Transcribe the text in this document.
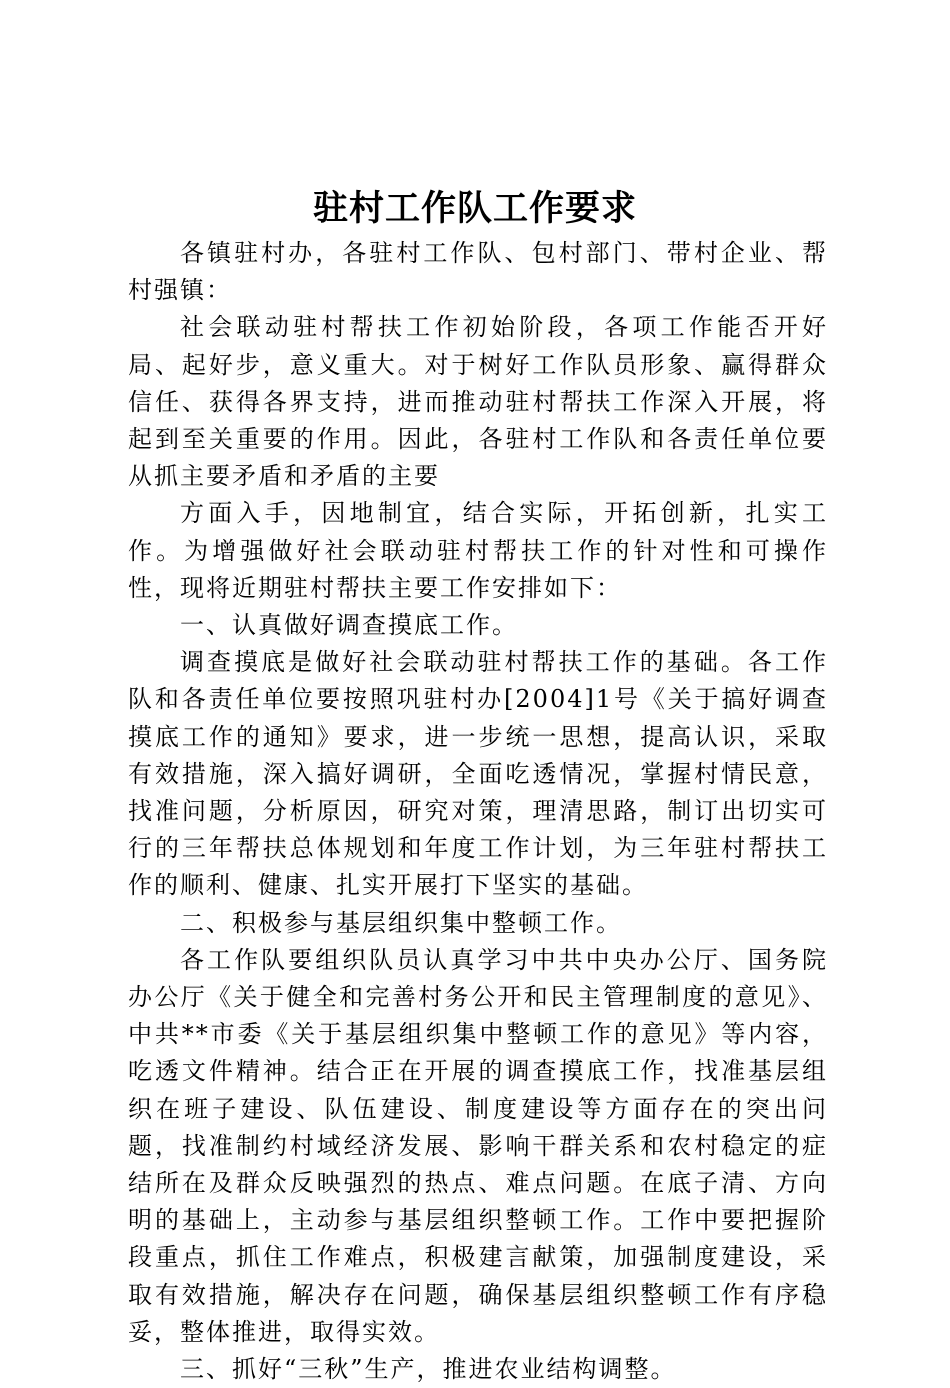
驻村工作队工作要求

各镇驻村办，各驻村工作队、包村部门、带村企业、帮村强镇：

社会联动驻村帮扶工作初始阶段，各项工作能否开好局、起好步，意义重大。对于树好工作队员形象、赢得群众信任、获得各界支持，进而推动驻村帮扶工作深入开展，将起到至关重要的作用。因此，各驻村工作队和各责任单位要从抓主要矛盾和矛盾的主要

方面入手，因地制宜，结合实际，开拓创新，扎实工作。为增强做好社会联动驻村帮扶工作的针对性和可操作性，现将近期驻村帮扶主要工作安排如下：

一、认真做好调查摸底工作。

调查摸底是做好社会联动驻村帮扶工作的基础。各工作队和各责任单位要按照巩驻村办[2004]1号《关于搞好调查摸底工作的通知》要求，进一步统一思想，提高认识，采取有效措施，深入搞好调研，全面吃透情况，掌握村情民意，找准问题，分析原因，研究对策，理清思路，制订出切实可行的三年帮扶总体规划和年度工作计划，为三年驻村帮扶工作的顺利、健康、扎实开展打下坚实的基础。

二、积极参与基层组织集中整顿工作。

各工作队要组织队员认真学习中共中央办公厅、国务院办公厅《关于健全和完善村务公开和民主管理制度的意见》、中共**市委《关于基层组织集中整顿工作的意见》等内容，吃透文件精神。结合正在开展的调查摸底工作，找准基层组织在班子建设、队伍建设、制度建设等方面存在的突出问题，找准制约村域经济发展、影响干群关系和农村稳定的症结所在及群众反映强烈的热点、难点问题。在底子清、方向明的基础上，主动参与基层组织整顿工作。工作中要把握阶段重点，抓住工作难点，积极建言献策，加强制度建设，采取有效措施，解决存在问题，确保基层组织整顿工作有序稳妥，整体推进，取得实效。

三、抓好“三秋”生产，推进农业结构调整。
